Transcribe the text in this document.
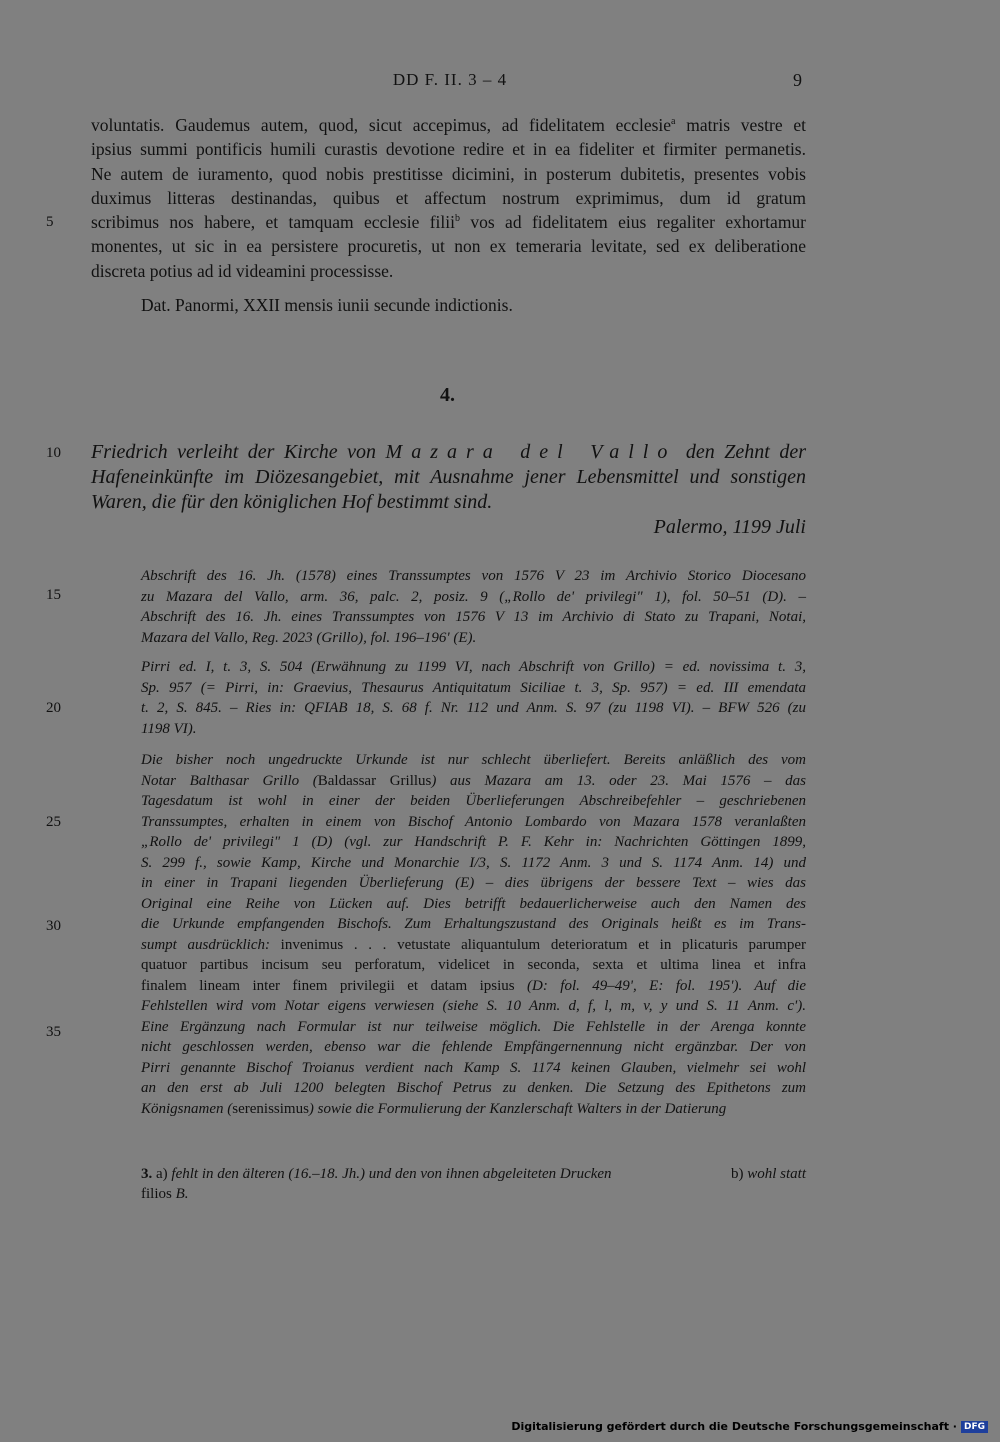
DD F. II. 3 – 4	9
voluntatis. Gaudemus autem, quod, sicut accepimus, ad fidelitatem ecclesie$^a$ matris vestre et
ipsius summi pontificis humili curastis devotione redire et in ea fideliter et firmiter permanetis.
Ne autem de iuramento, quod nobis prestitisse dicimini, in posterum dubitetis, presentes vobis
duximus litteras destinandas, quibus et affectum nostrum exprimimus, dum id gratum
scribimus nos habere, et tamquam ecclesie filii$^b$ vos ad fidelitatem eius regaliter exhortamur
monentes, ut sic in ea persistere procuretis, ut non ex temeraria levitate, sed ex deliberatione
discreta potius ad id videamini processisse.
Dat. Panormi, XXII mensis iunii secunde indictionis.
4.
Friedrich verleiht der Kirche von Mazara del Vallo den Zehnt der
Hafeneinkünfte im Diözesangebiet, mit Ausnahme jener Lebensmittel und sonstigen
Waren, die für den königlichen Hof bestimmt sind.
Palermo, 1199 Juli
Abschrift des 16. Jh. (1578) eines Transsumptes von 1576 V 23 im Archivio Storico Diocesano
zu Mazara del Vallo, arm. 36, palc. 2, posiz. 9 („Rollo de' privilegi" 1), fol. 50–51 (D). –
Abschrift des 16. Jh. eines Transsumptes von 1576 V 13 im Archivio di Stato zu Trapani, Notai,
Mazara del Vallo, Reg. 2023 (Grillo), fol. 196–196' (E).
Pirri ed. I, t. 3, S. 504 (Erwähnung zu 1199 VI, nach Abschrift von Grillo) = ed. novissima t. 3,
Sp. 957 (= Pirri, in: Graevius, Thesaurus Antiquitatum Siciliae t. 3, Sp. 957) = ed. III emendata
t. 2, S. 845. – Ries in: QFIAB 18, S. 68 f. Nr. 112 und Anm. S. 97 (zu 1198 VI). – BFW 526 (zu
1198 VI).
Die bisher noch ungedruckte Urkunde ist nur schlecht überliefert. Bereits anläßlich des vom
Notar Balthasar Grillo (Baldassar Grillus) aus Mazara am 13. oder 23. Mai 1576 – das
Tagesdatum ist wohl in einer der beiden Überlieferungen Abschreibefehler – geschriebenen
Transsumptes, erhalten in einem von Bischof Antonio Lombardo von Mazara 1578 veranlaßten
„Rollo de' privilegi" 1 (D) (vgl. zur Handschrift P. F. Kehr in: Nachrichten Göttingen 1899,
S. 299 f., sowie Kamp, Kirche und Monarchie I/3, S. 1172 Anm. 3 und S. 1174 Anm. 14) und
in einer in Trapani liegenden Überlieferung (E) – dies übrigens der bessere Text – wies das
Original eine Reihe von Lücken auf. Dies betrifft bedauerlicherweise auch den Namen des
die Urkunde empfangenden Bischofs. Zum Erhaltungszustand des Originals heißt es im Trans-
sumpt ausdrücklich: invenimus . . . vetustate aliquantulum deterioratum et in plicaturis parumper
quatuor partibus incisum seu perforatum, videlicet in seconda, sexta et ultima linea et infra
finalem lineam inter finem privilegii et datam ipsius (D: fol. 49–49', E: fol. 195'). Auf die
Fehlstellen wird vom Notar eigens verwiesen (siehe S. 10 Anm. d, f, l, m, v, y und S. 11 Anm. c').
Eine Ergänzung nach Formular ist nur teilweise möglich. Die Fehlstelle in der Arenga konnte
nicht geschlossen werden, ebenso war die fehlende Empfängernennung nicht ergänzbar. Der von
Pirri genannte Bischof Troianus verdient nach Kamp S. 1174 keinen Glauben, vielmehr sei wohl
an den erst ab Juli 1200 belegten Bischof Petrus zu denken. Die Setzung des Epithetons zum
Königsnamen (serenissimus) sowie die Formulierung der Kanzlerschaft Walters in der Datierung
5
10
15
20
25
30
35
3. a) fehlt in den älteren (16.–18. Jh.) und den von ihnen abgeleiteten Drucken	b) wohl statt
filios B.
Digitalisierung gefördert durch die Deutsche Forschungsgemeinschaft · DFG
